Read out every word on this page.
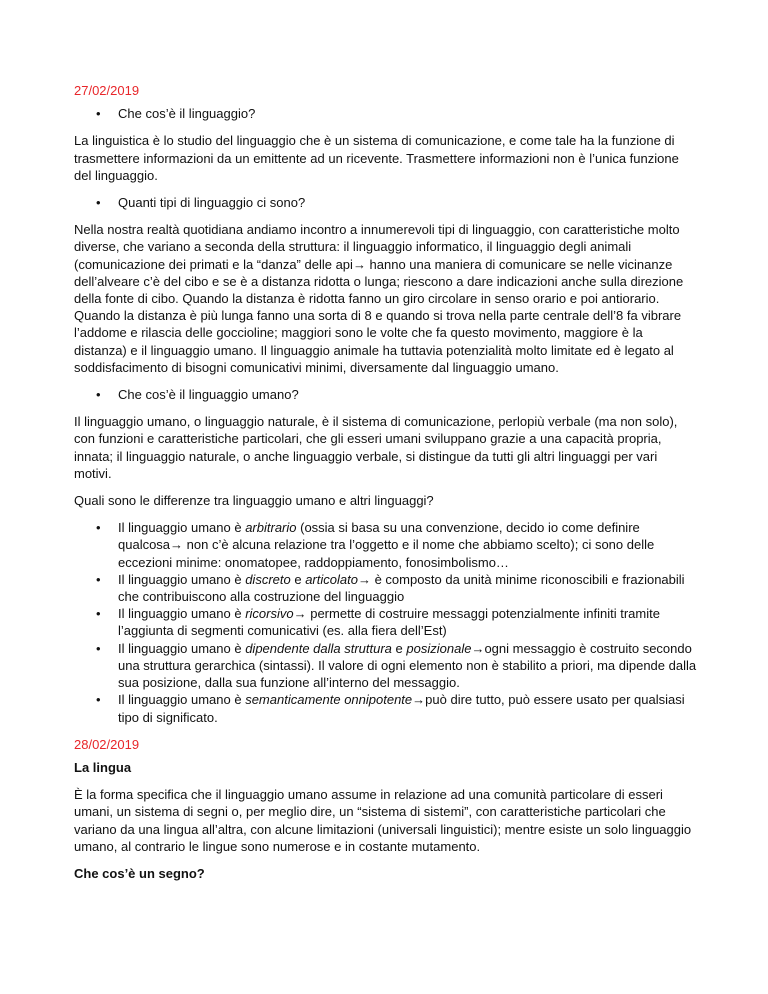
27/02/2019
• Che cos’è il linguaggio?

La linguistica è lo studio del linguaggio che è un sistema di comunicazione, e come tale ha la funzione di trasmettere informazioni da un emittente ad un ricevente. Trasmettere informazioni non è l’unica funzione del linguaggio.

• Quanti tipi di linguaggio ci sono?

Nella nostra realtà quotidiana andiamo incontro a innumerevoli tipi di linguaggio, con caratteristiche molto diverse, che variano a seconda della struttura: il linguaggio informatico, il linguaggio degli animali (comunicazione dei primati e la “danza” delle api→ hanno una maniera di comunicare se nelle vicinanze dell’alveare c’è del cibo e se è a distanza ridotta o lunga; riescono a dare indicazioni anche sulla direzione della fonte di cibo. Quando la distanza è ridotta fanno un giro circolare in senso orario e poi antiorario. Quando la distanza è più lunga fanno una sorta di 8 e quando si trova nella parte centrale dell’8 fa vibrare l’addome e rilascia delle goccioline; maggiori sono le volte che fa questo movimento, maggiore è la distanza) e il linguaggio umano. Il linguaggio animale ha tuttavia potenzialità molto limitate ed è legato al soddisfacimento di bisogni comunicativi minimi, diversamente dal linguaggio umano.

• Che cos’è il linguaggio umano?

Il linguaggio umano, o linguaggio naturale, è il sistema di comunicazione, perlopiù verbale (ma non solo), con funzioni e caratteristiche particolari, che gli esseri umani sviluppano grazie a una capacità propria, innata; il linguaggio naturale, o anche linguaggio verbale, si distingue da tutti gli altri linguaggi per vari motivi.

Quali sono le differenze tra linguaggio umano e altri linguaggi?

• Il linguaggio umano è arbitrario (ossia si basa su una convenzione, decido io come definire qualcosa→ non c’è alcuna relazione tra l’oggetto e il nome che abbiamo scelto); ci sono delle eccezioni minime: onomatopee, raddoppiamento, fonosimbolismo…
• Il linguaggio umano è discreto e articolato→ è composto da unità minime riconoscibili e frazionabili che contribuiscono alla costruzione del linguaggio
• Il linguaggio umano è ricorsivo→ permette di costruire messaggi potenzialmente infiniti tramite l’aggiunta di segmenti comunicativi (es. alla fiera dell’Est)
• Il linguaggio umano è dipendente dalla struttura e posizionale→ogni messaggio è costruito secondo una struttura gerarchica (sintassi). Il valore di ogni elemento non è stabilito a priori, ma dipende dalla sua posizione, dalla sua funzione all’interno del messaggio.
• Il linguaggio umano è semanticamente onnipotente→può dire tutto, può essere usato per qualsiasi tipo di significato.
28/02/2019
La lingua

È la forma specifica che il linguaggio umano assume in relazione ad una comunità particolare di esseri umani, un sistema di segni o, per meglio dire, un “sistema di sistemi”, con caratteristiche particolari che variano da una lingua all’altra, con alcune limitazioni (universali linguistici); mentre esiste un solo linguaggio umano, al contrario le lingue sono numerose e in costante mutamento.

Che cos’è un segno?
